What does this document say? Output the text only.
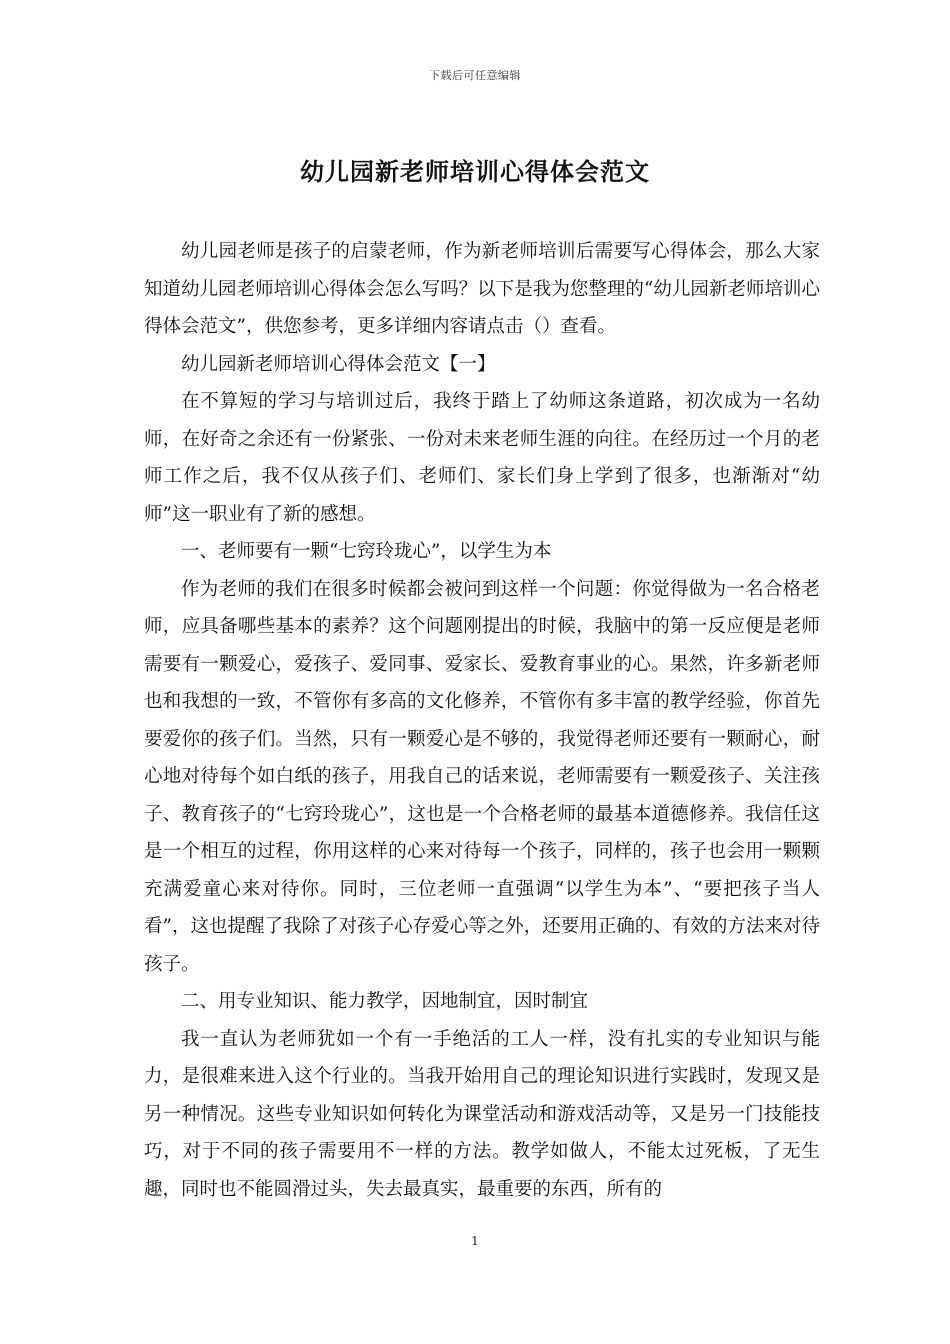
下载后可任意编辑
幼儿园新老师培训心得体会范文

幼儿园老师是孩子的启蒙老师，作为新老师培训后需要写心得体会，那么大家知道幼儿园老师培训心得体会怎么写吗？以下是我为您整理的“幼儿园新老师培训心得体会范文”，供您参考，更多详细内容请点击（）查看。

幼儿园新老师培训心得体会范文【一】

在不算短的学习与培训过后，我终于踏上了幼师这条道路，初次成为一名幼师，在好奇之余还有一份紧张、一份对未来老师生涯的向往。在经历过一个月的老师工作之后，我不仅从孩子们、老师们、家长们身上学到了很多，也渐渐对“幼师”这一职业有了新的感想。

一、老师要有一颗“七窍玲珑心”，以学生为本

作为老师的我们在很多时候都会被问到这样一个问题：你觉得做为一名合格老师，应具备哪些基本的素养？这个问题刚提出的时候，我脑中的第一反应便是老师需要有一颗爱心，爱孩子、爱同事、爱家长、爱教育事业的心。果然，许多新老师也和我想的一致，不管你有多高的文化修养，不管你有多丰富的教学经验，你首先要爱你的孩子们。当然，只有一颗爱心是不够的，我觉得老师还要有一颗耐心，耐心地对待每个如白纸的孩子，用我自己的话来说，老师需要有一颗爱孩子、关注孩子、教育孩子的“七窍玲珑心”，这也是一个合格老师的最基本道德修养。我信任这是一个相互的过程，你用这样的心来对待每一个孩子，同样的，孩子也会用一颗颗充满爱童心来对待你。同时，三位老师一直强调“以学生为本”、“要把孩子当人看”，这也提醒了我除了对孩子心存爱心等之外，还要用正确的、有效的方法来对待孩子。

二、用专业知识、能力教学，因地制宜，因时制宜

我一直认为老师犹如一个有一手绝活的工人一样，没有扎实的专业知识与能力，是很难来进入这个行业的。当我开始用自己的理论知识进行实践时，发现又是另一种情况。这些专业知识如何转化为课堂活动和游戏活动等，又是另一门技能技巧，对于不同的孩子需要用不一样的方法。教学如做人，不能太过死板，了无生趣，同时也不能圆滑过头，失去最真实，最重要的东西，所有的

1
